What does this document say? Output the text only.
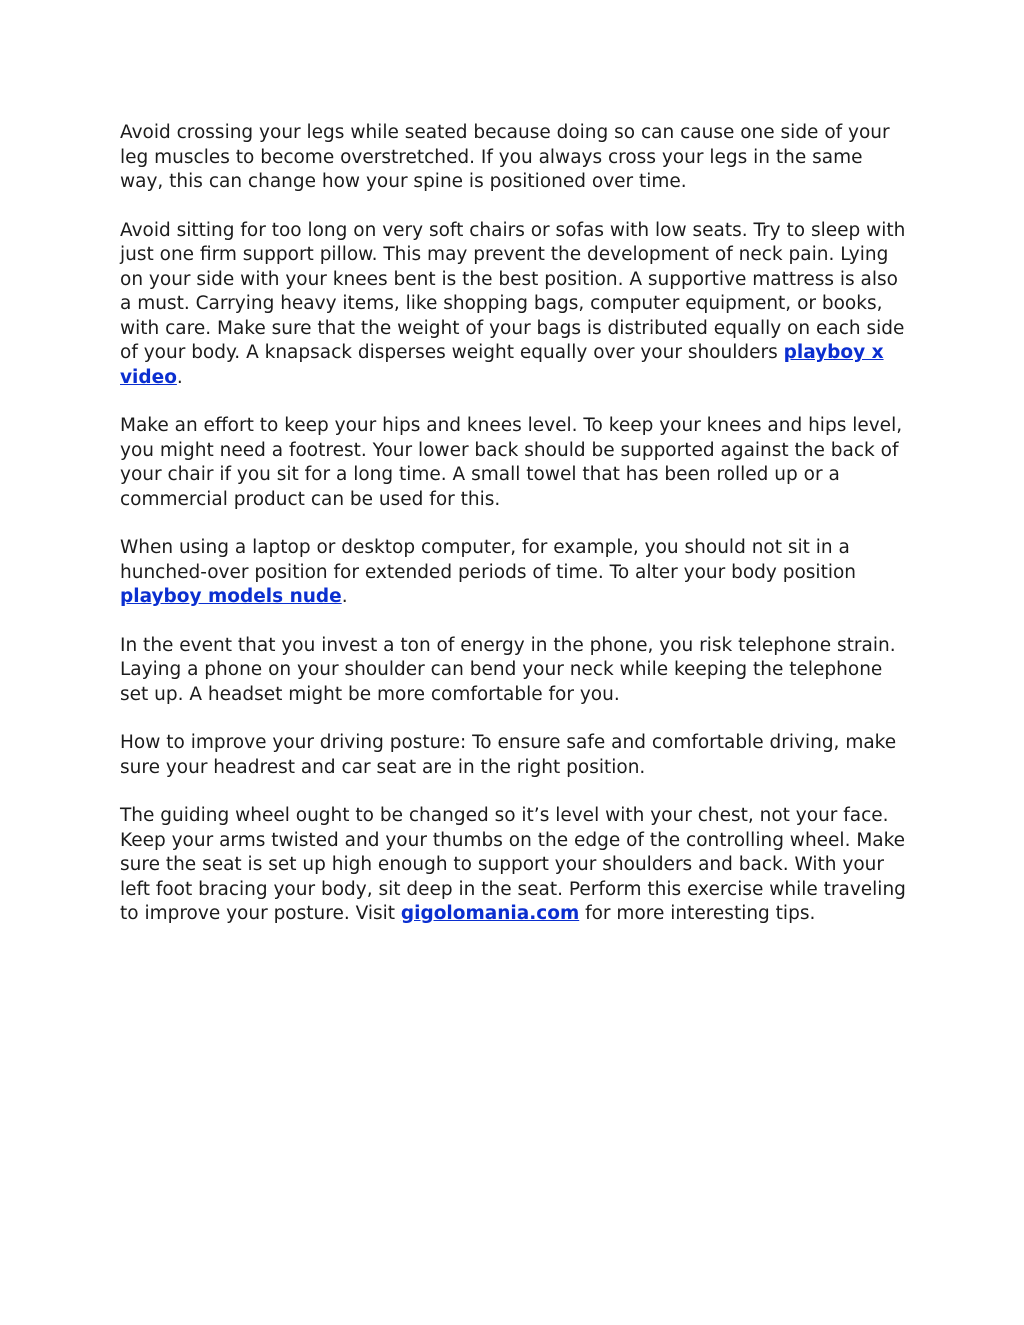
Avoid crossing your legs while seated because doing so can cause one side of your leg muscles to become overstretched. If you always cross your legs in the same way, this can change how your spine is positioned over time.

Avoid sitting for too long on very soft chairs or sofas with low seats. Try to sleep with just one firm support pillow. This may prevent the development of neck pain. Lying on your side with your knees bent is the best position. A supportive mattress is also a must. Carrying heavy items, like shopping bags, computer equipment, or books, with care. Make sure that the weight of your bags is distributed equally on each side of your body. A knapsack disperses weight equally over your shoulders playboy x video.

Make an effort to keep your hips and knees level. To keep your knees and hips level, you might need a footrest. Your lower back should be supported against the back of your chair if you sit for a long time. A small towel that has been rolled up or a commercial product can be used for this.

When using a laptop or desktop computer, for example, you should not sit in a hunched-over position for extended periods of time. To alter your body position playboy models nude.

In the event that you invest a ton of energy in the phone, you risk telephone strain. Laying a phone on your shoulder can bend your neck while keeping the telephone set up. A headset might be more comfortable for you.

How to improve your driving posture: To ensure safe and comfortable driving, make sure your headrest and car seat are in the right position.

The guiding wheel ought to be changed so it’s level with your chest, not your face. Keep your arms twisted and your thumbs on the edge of the controlling wheel. Make sure the seat is set up high enough to support your shoulders and back. With your left foot bracing your body, sit deep in the seat. Perform this exercise while traveling to improve your posture. Visit gigolomania.com for more interesting tips.
